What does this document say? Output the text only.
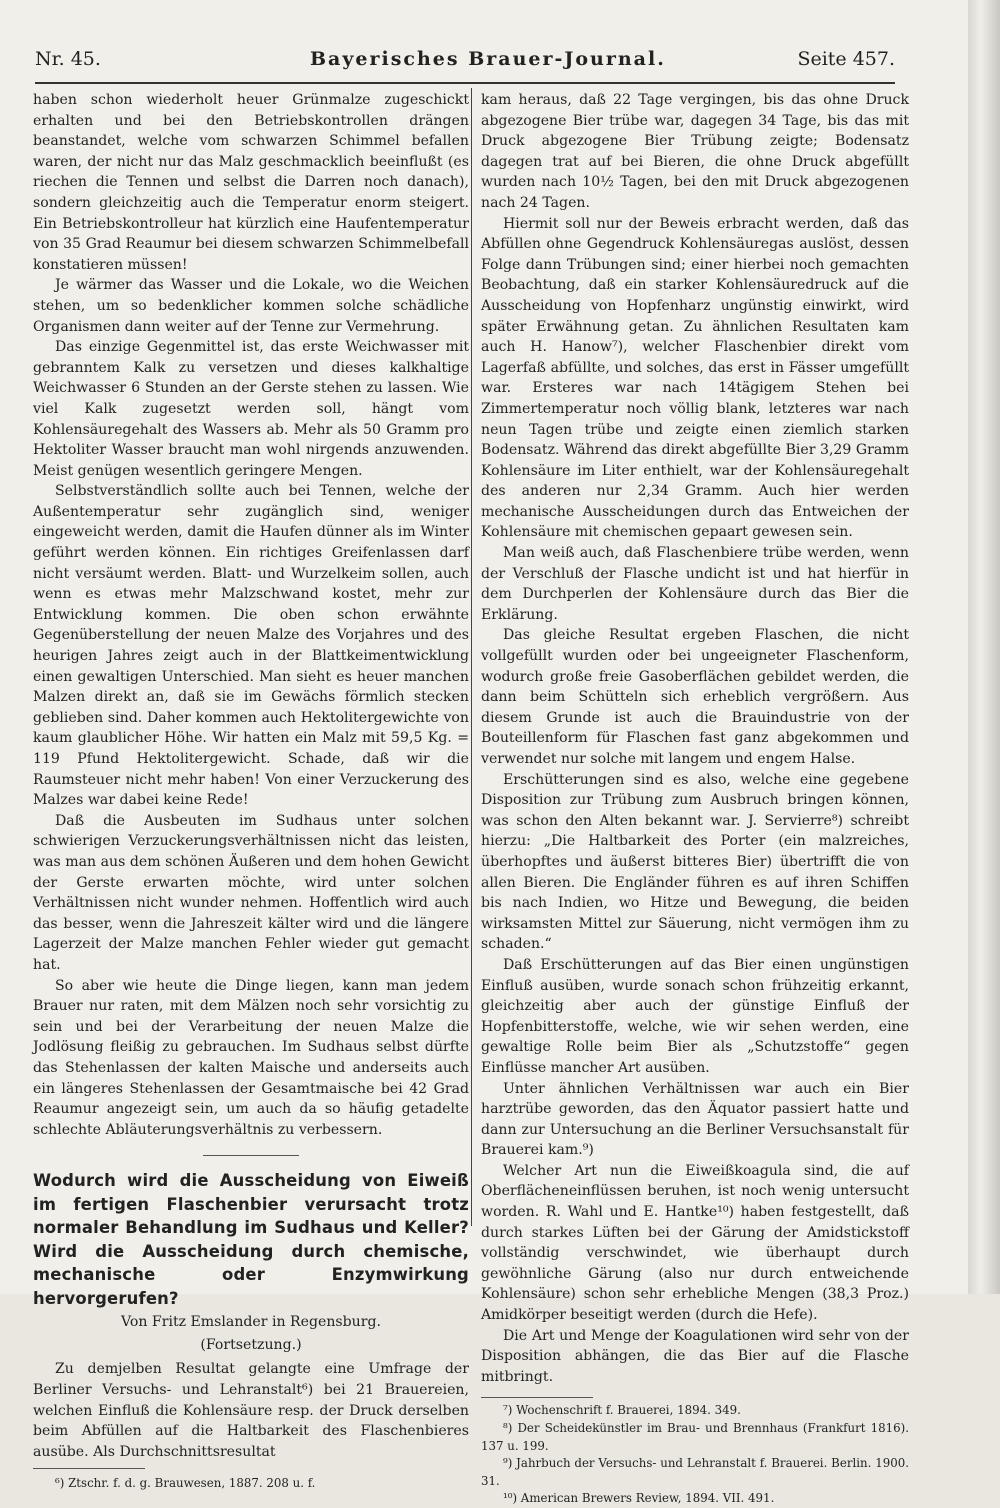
Nr. 45.	Bayerisches Brauer-Journal.	Seite 457.

haben schon wiederholt heuer Grünmalze zugeschickt erhalten und bei den Betriebskontrollen drängen beanstandet, welche vom schwarzen Schimmel befallen waren, der nicht nur das Malz geschmacklich beeinflußt (es riechen die Tennen und selbst die Darren noch danach), sondern gleichzeitig auch die Temperatur enorm steigert. Ein Betriebskontrolleur hat kürzlich eine Haufentemperatur von 35 Grad Reaumur bei diesem schwarzen Schimmelbefall konstatieren müssen!

Je wärmer das Wasser und die Lokale, wo die Weichen stehen, um so bedenklicher kommen solche schädliche Organismen dann weiter auf der Tenne zur Vermehrung.

Das einzige Gegenmittel ist, das erste Weichwasser mit gebranntem Kalk zu versetzen und dieses kalkhaltige Weichwasser 6 Stunden an der Gerste stehen zu lassen. Wie viel Kalk zugesetzt werden soll, hängt vom Kohlensäuregehalt des Wassers ab. Mehr als 50 Gramm pro Hektoliter Wasser braucht man wohl nirgends anzuwenden. Meist genügen wesentlich geringere Mengen.

Selbstverständlich sollte auch bei Tennen, welche der Außentemperatur sehr zugänglich sind, weniger eingeweicht werden, damit die Haufen dünner als im Winter geführt werden können. Ein richtiges Greifenlassen darf nicht versäumt werden. Blatt- und Wurzelkeim sollen, auch wenn es etwas mehr Malzschwand kostet, mehr zur Entwicklung kommen. Die oben schon erwähnte Gegenüberstellung der neuen Malze des Vorjahres und des heurigen Jahres zeigt auch in der Blattkeimentwicklung einen gewaltigen Unterschied. Man sieht es heuer manchen Malzen direkt an, daß sie im Gewächs förmlich stecken geblieben sind. Daher kommen auch Hektolitergewichte von kaum glaublicher Höhe. Wir hatten ein Malz mit 59,5 Kg. = 119 Pfund Hektolitergewicht. Schade, daß wir die Raumsteuer nicht mehr haben! Von einer Verzuckerung des Malzes war dabei keine Rede!

Daß die Ausbeuten im Sudhaus unter solchen schwierigen Verzuckerungsverhältnissen nicht das leisten, was man aus dem schönen Äußeren und dem hohen Gewicht der Gerste erwarten möchte, wird unter solchen Verhältnissen nicht wunder nehmen. Hoffentlich wird auch das besser, wenn die Jahreszeit kälter wird und die längere Lagerzeit der Malze manchen Fehler wieder gut gemacht hat.

So aber wie heute die Dinge liegen, kann man jedem Brauer nur raten, mit dem Mälzen noch sehr vorsichtig zu sein und bei der Verarbeitung der neuen Malze die Jodlösung fleißig zu gebrauchen. Im Sudhaus selbst dürfte das Stehenlassen der kalten Maische und anderseits auch ein längeres Stehenlassen der Gesamtmaische bei 42 Grad Reaumur angezeigt sein, um auch da so häufig getadelte schlechte Abläuterungsverhältnis zu verbessern.

Wodurch wird die Ausscheidung von Eiweiß im fertigen Flaschenbier verursacht trotz normaler Behandlung im Sudhaus und Keller? Wird die Ausscheidung durch chemische, mechanische oder Enzymwirkung hervorgerufen?

Von Fritz Emslander in Regensburg.

(Fortsetzung.)

Zu demjelben Resultat gelangte eine Umfrage der Berliner Versuchs- und Lehranstalt⁶) bei 21 Brauereien, welchen Einfluß die Kohlensäure resp. der Druck derselben beim Abfüllen auf die Haltbarkeit des Flaschenbieres ausübe. Als Durchschnittsresultat

⁶) Ztschr. f. d. g. Brauwesen, 1887. 208 u. f.

kam heraus, daß 22 Tage vergingen, bis das ohne Druck abgezogene Bier trübe war, dagegen 34 Tage, bis das mit Druck abgezogene Bier Trübung zeigte; Bodensatz dagegen trat auf bei Bieren, die ohne Druck abgefüllt wurden nach 10½ Tagen, bei den mit Druck abgezogenen nach 24 Tagen.

Hiermit soll nur der Beweis erbracht werden, daß das Abfüllen ohne Gegendruck Kohlensäuregas auslöst, dessen Folge dann Trübungen sind; einer hierbei noch gemachten Beobachtung, daß ein starker Kohlensäuredruck auf die Ausscheidung von Hopfenharz ungünstig einwirkt, wird später Erwähnung getan. Zu ähnlichen Resultaten kam auch H. Hanow⁷), welcher Flaschenbier direkt vom Lagerfaß abfüllte, und solches, das erst in Fässer umgefüllt war. Ersteres war nach 14tägigem Stehen bei Zimmertemperatur noch völlig blank, letzteres war nach neun Tagen trübe und zeigte einen ziemlich starken Bodensatz. Während das direkt abgefüllte Bier 3,29 Gramm Kohlensäure im Liter enthielt, war der Kohlensäuregehalt des anderen nur 2,34 Gramm. Auch hier werden mechanische Ausscheidungen durch das Entweichen der Kohlensäure mit chemischen gepaart gewesen sein.

Man weiß auch, daß Flaschenbiere trübe werden, wenn der Verschluß der Flasche undicht ist und hat hierfür in dem Durchperlen der Kohlensäure durch das Bier die Erklärung.

Das gleiche Resultat ergeben Flaschen, die nicht vollgefüllt wurden oder bei ungeeigneter Flaschenform, wodurch große freie Gasoberflächen gebildet werden, die dann beim Schütteln sich erheblich vergrößern. Aus diesem Grunde ist auch die Brauindustrie von der Bouteillenform für Flaschen fast ganz abgekommen und verwendet nur solche mit langem und engem Halse.

Erschütterungen sind es also, welche eine gegebene Disposition zur Trübung zum Ausbruch bringen können, was schon den Alten bekannt war. J. Servierre⁸) schreibt hierzu: „Die Haltbarkeit des Porter (ein malzreiches, überhopftes und äußerst bitteres Bier) übertrifft die von allen Bieren. Die Engländer führen es auf ihren Schiffen bis nach Indien, wo Hitze und Bewegung, die beiden wirksamsten Mittel zur Säuerung, nicht vermögen ihm zu schaden.“

Daß Erschütterungen auf das Bier einen ungünstigen Einfluß ausüben, wurde sonach schon frühzeitig erkannt, gleichzeitig aber auch der günstige Einfluß der Hopfenbitterstoffe, welche, wie wir sehen werden, eine gewaltige Rolle beim Bier als „Schutzstoffe“ gegen Einflüsse mancher Art ausüben.

Unter ähnlichen Verhältnissen war auch ein Bier harztrübe geworden, das den Äquator passiert hatte und dann zur Untersuchung an die Berliner Versuchsanstalt für Brauerei kam.⁹)

Welcher Art nun die Eiweißkoagula sind, die auf Oberflächeneinflüssen beruhen, ist noch wenig untersucht worden. R. Wahl und E. Hantke¹⁰) haben festgestellt, daß durch starkes Lüften bei der Gärung der Amidstickstoff vollständig verschwindet, wie überhaupt durch gewöhnliche Gärung (also nur durch entweichende Kohlensäure) schon sehr erhebliche Mengen (38,3 Proz.) Amidkörper beseitigt werden (durch die Hefe).

Die Art und Menge der Koagulationen wird sehr von der Disposition abhängen, die das Bier auf die Flasche mitbringt.

⁷) Wochenschrift f. Brauerei, 1894. 349.

⁸) Der Scheidekünstler im Brau- und Brennhaus (Frankfurt 1816). 137 u. 199.

⁹) Jahrbuch der Versuchs- und Lehranstalt f. Brauerei. Berlin. 1900. 31.

¹⁰) American Brewers Review, 1894. VII. 491.
